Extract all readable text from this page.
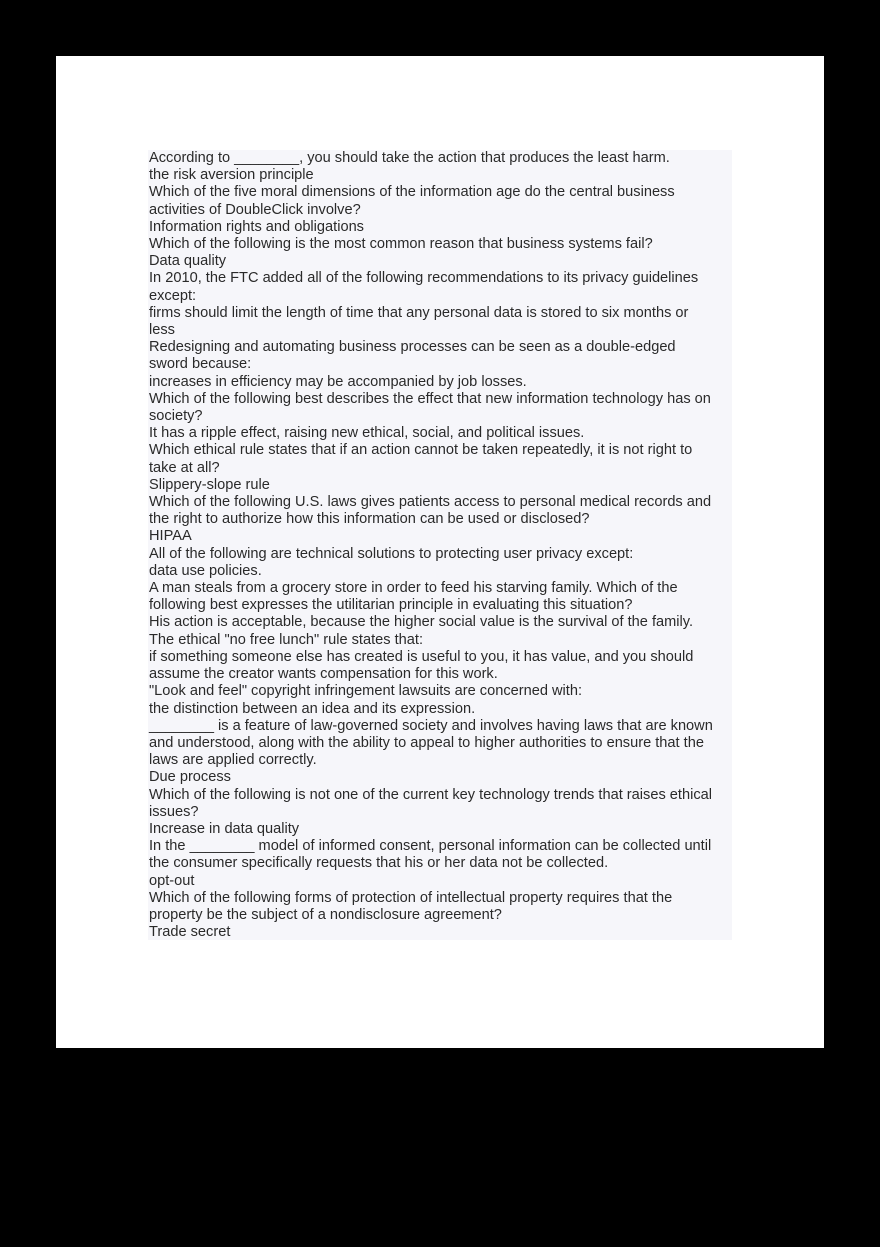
According to ________, you should take the action that produces the least harm.

the risk aversion principle

Which of the five moral dimensions of the information age do the central business

activities of DoubleClick involve?

Information rights and obligations

Which of the following is the most common reason that business systems fail?

Data quality

In 2010, the FTC added all of the following recommendations to its privacy guidelines

except:

firms should limit the length of time that any personal data is stored to six months or

less

Redesigning and automating business processes can be seen as a double-edged

sword because:

increases in efficiency may be accompanied by job losses.

Which of the following best describes the effect that new information technology has on

society?

It has a ripple effect, raising new ethical, social, and political issues.

Which ethical rule states that if an action cannot be taken repeatedly, it is not right to

take at all?

Slippery-slope rule

Which of the following U.S. laws gives patients access to personal medical records and

the right to authorize how this information can be used or disclosed?

HIPAA

All of the following are technical solutions to protecting user privacy except:

data use policies.

A man steals from a grocery store in order to feed his starving family. Which of the

following best expresses the utilitarian principle in evaluating this situation?

His action is acceptable, because the higher social value is the survival of the family.

The ethical "no free lunch" rule states that:

if something someone else has created is useful to you, it has value, and you should

assume the creator wants compensation for this work.

"Look and feel" copyright infringement lawsuits are concerned with:

the distinction between an idea and its expression.

________ is a feature of law-governed society and involves having laws that are known

and understood, along with the ability to appeal to higher authorities to ensure that the

laws are applied correctly.

Due process

Which of the following is not one of the current key technology trends that raises ethical

issues?

Increase in data quality

In the ________ model of informed consent, personal information can be collected until

the consumer specifically requests that his or her data not be collected.

opt-out

Which of the following forms of protection of intellectual property requires that the

property be the subject of a nondisclosure agreement?

Trade secret
